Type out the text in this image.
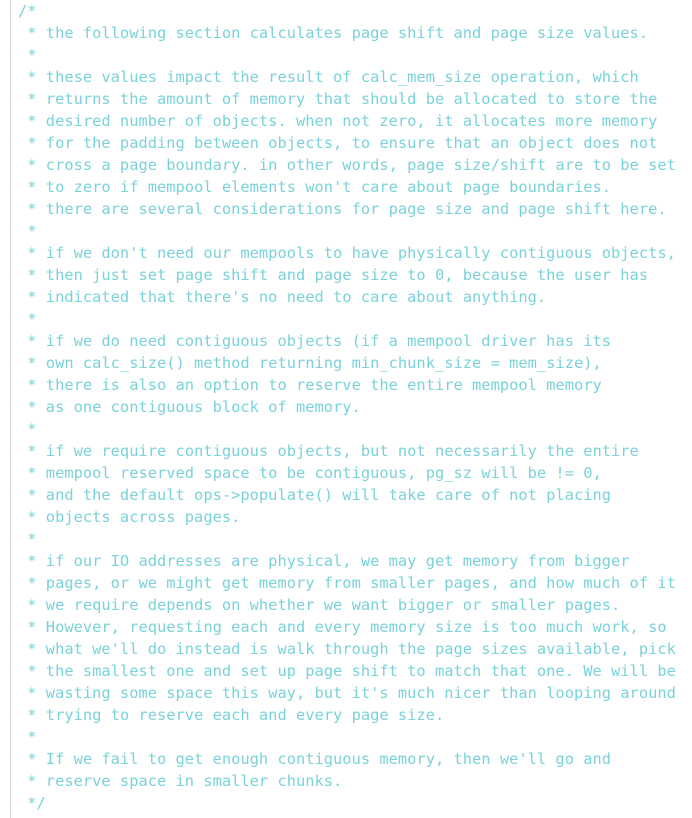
/*

* the following section calculates page shift and page size values.

*

* these values impact the result of calc_mem_size operation, which

* returns the amount of memory that should be allocated to store the

* desired number of objects. when not zero, it allocates more memory

* for the padding between objects, to ensure that an object does not

* cross a page boundary. in other words, page size/shift are to be set

* to zero if mempool elements won't care about page boundaries.

* there are several considerations for page size and page shift here.

*

* if we don't need our mempools to have physically contiguous objects,

* then just set page shift and page size to 0, because the user has

* indicated that there's no need to care about anything.

*

* if we do need contiguous objects (if a mempool driver has its

* own calc_size() method returning min_chunk_size = mem_size),

* there is also an option to reserve the entire mempool memory

* as one contiguous block of memory.

*

* if we require contiguous objects, but not necessarily the entire

* mempool reserved space to be contiguous, pg_sz will be != 0,

* and the default ops->populate() will take care of not placing

* objects across pages.

*

* if our IO addresses are physical, we may get memory from bigger

* pages, or we might get memory from smaller pages, and how much of it

* we require depends on whether we want bigger or smaller pages.

* However, requesting each and every memory size is too much work, so

* what we'll do instead is walk through the page sizes available, pick

* the smallest one and set up page shift to match that one. We will be

* wasting some space this way, but it's much nicer than looping around

* trying to reserve each and every page size.

*

* If we fail to get enough contiguous memory, then we'll go and

* reserve space in smaller chunks.

*/
